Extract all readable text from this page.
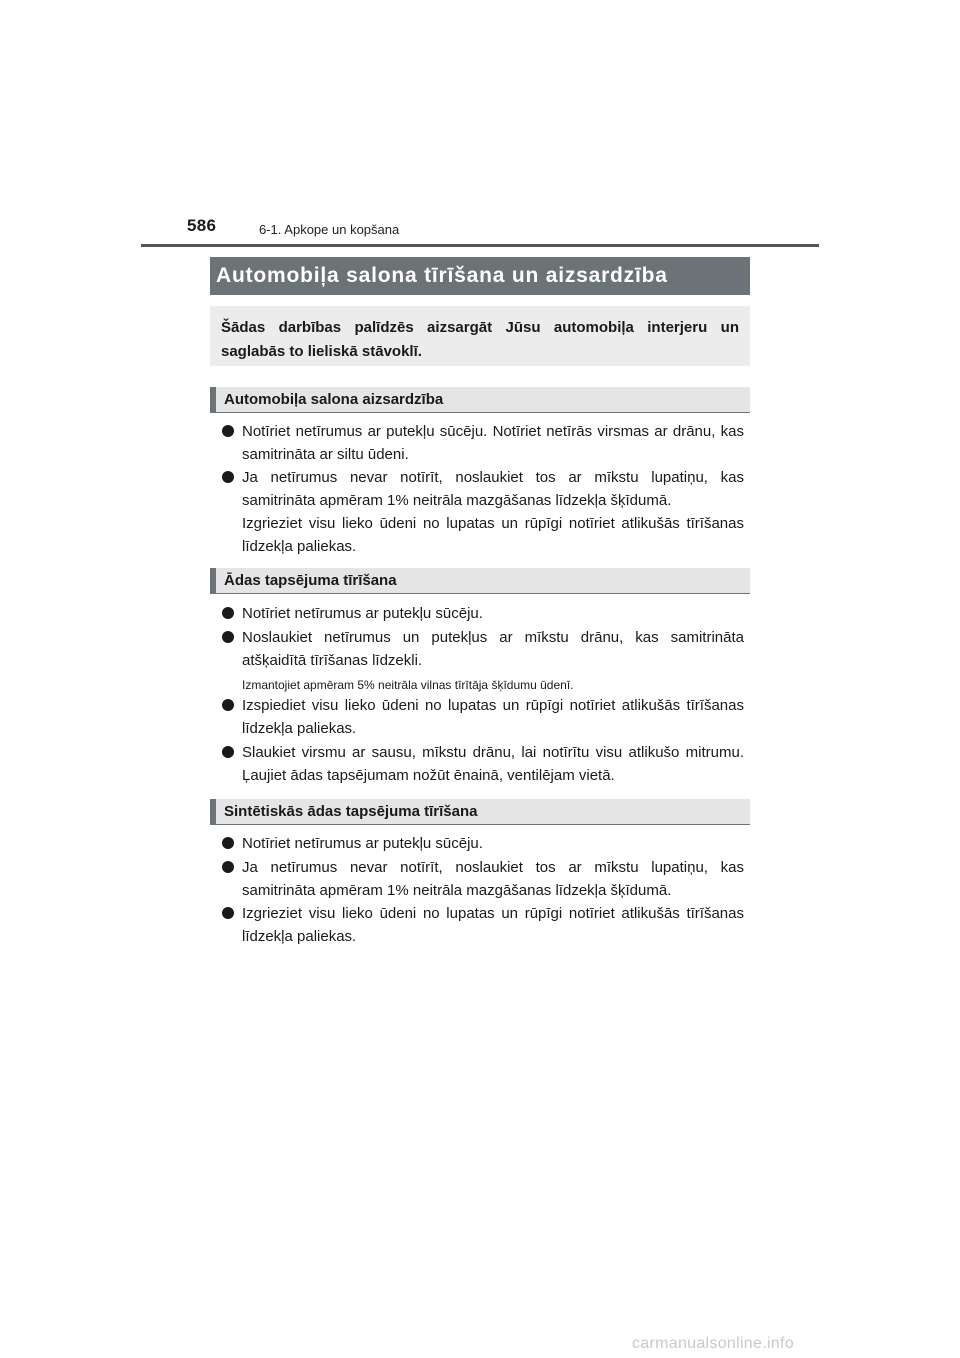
586	6-1. Apkope un kopšana
Automobiļa salona tīrīšana un aizsardzība
Šādas darbības palīdzēs aizsargāt Jūsu automobiļa interjeru un saglabās to lieliskā stāvoklī.
Automobiļa salona aizsardzība
Notīriet netīrumus ar putekļu sūcēju. Notīriet netīrās virsmas ar drānu, kas samitrināta ar siltu ūdeni.
Ja netīrumus nevar notīrīt, noslaukiet tos ar mīkstu lupatiņu, kas samitrināta apmēram 1% neitrāla mazgāšanas līdzekļa šķīdumā.
Izgrieziet visu lieko ūdeni no lupatas un rūpīgi notīriet atlikušās tīrīšanas līdzekļa paliekas.
Ādas tapsējuma tīrīšana
Notīriet netīrumus ar putekļu sūcēju.
Noslaukiet netīrumus un putekļus ar mīkstu drānu, kas samitrināta atšķaidītā tīrīšanas līdzekli.
Izmantojiet apmēram 5% neitrāla vilnas tīrītāja šķīdumu ūdenī.
Izspiediet visu lieko ūdeni no lupatas un rūpīgi notīriet atlikušās tīrīšanas līdzekļa paliekas.
Slaukiet virsmu ar sausu, mīkstu drānu, lai notīrītu visu atlikušo mitrumu. Ļaujiet ādas tapsējumam nožūt ēnainā, ventilējam vietā.
Sintētiskās ādas tapsējuma tīrīšana
Notīriet netīrumus ar putekļu sūcēju.
Ja netīrumus nevar notīrīt, noslaukiet tos ar mīkstu lupatiņu, kas samitrināta apmēram 1% neitrāla mazgāšanas līdzekļa šķīdumā.
Izgrieziet visu lieko ūdeni no lupatas un rūpīgi notīriet atlikušās tīrīšanas līdzekļa paliekas.
carmanualsonline.info
